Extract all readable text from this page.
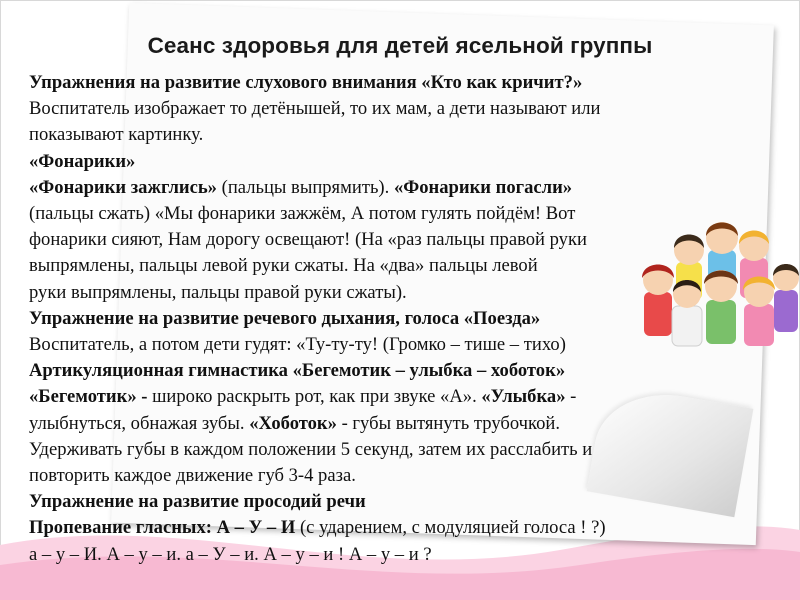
Сеанс здоровья для детей ясельной группы
Упражнения на развитие слухового внимания «Кто как кричит?»
Воспитатель изображает то детёнышей, то их мам, а дети называют или
показывают картинку.
«Фонарики»
«Фонарики зажглись» (пальцы выпрямить). «Фонарики погасли»
(пальцы сжать) «Мы фонарики зажжём, А потом гулять пойдём! Вот
фонарики сияют, Нам дорогу освещают! (На «раз пальцы правой руки
выпрямлены, пальцы левой руки сжаты. На «два» пальцы левой
руки выпрямлены, пальцы правой руки сжаты).
Упражнение на развитие речевого дыхания, голоса «Поезда»
Воспитатель, а потом дети гудят: «Ту-ту-ту! (Громко – тише – тихо)
Артикуляционная гимнастика «Бегемотик – улыбка – хоботок»
«Бегемотик» - широко раскрыть рот, как при звуке «А». «Улыбка» -
улыбнуться, обнажая зубы. «Хоботок» - губы вытянуть трубочкой.
Удерживать губы в каждом положении 5 секунд, затем их расслабить и
повторить каждое движение губ 3-4 раза.
Упражнение на развитие просодий речи
Пропевание гласных: А – У – И (с ударением, с модуляцией голоса ! ?)
а – у – И. А – у – и. а – У – и. А – у – и ! А – у – и ?
